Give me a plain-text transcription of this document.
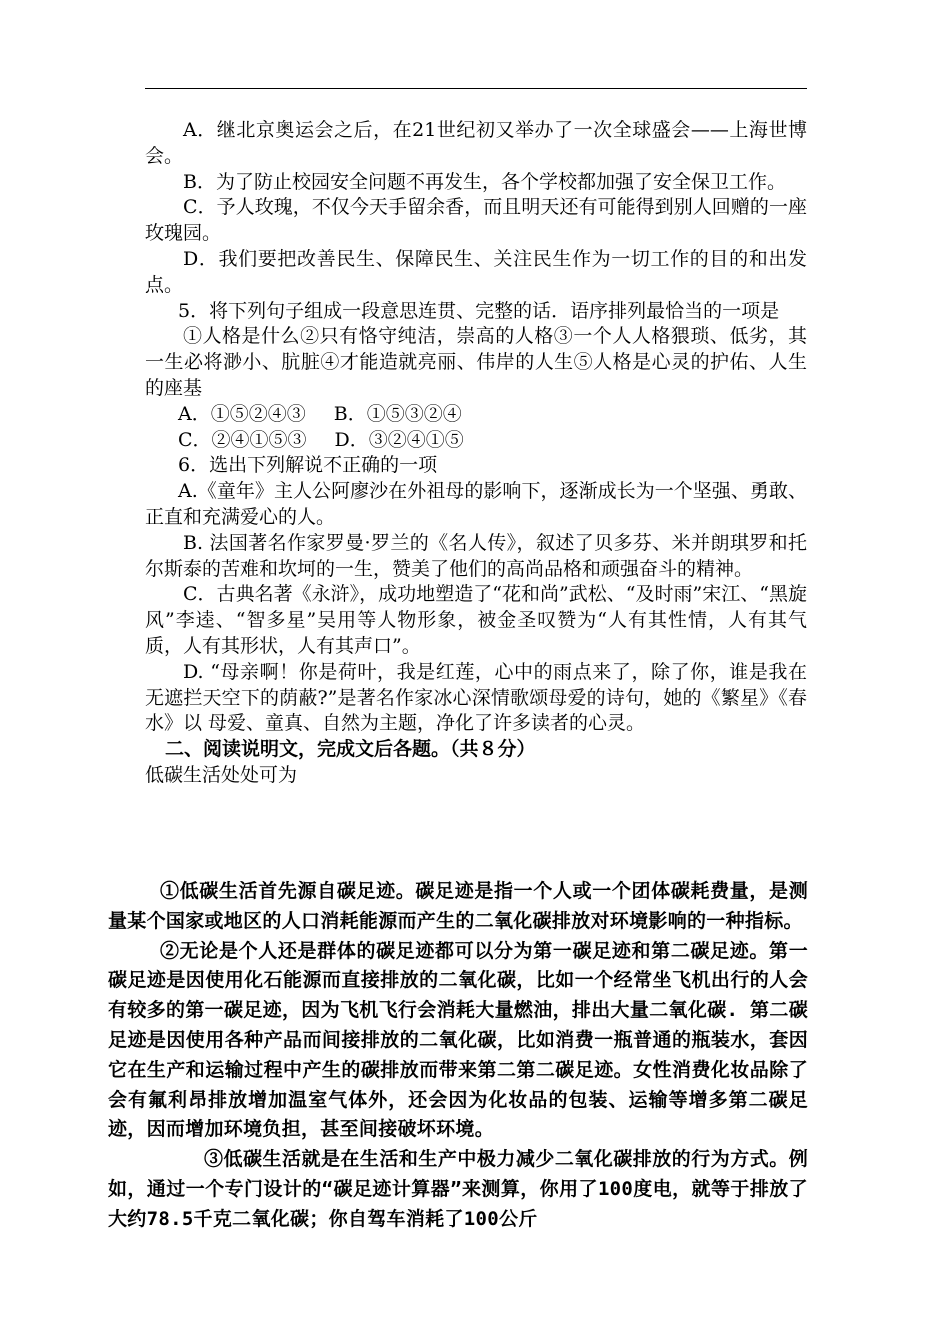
A．继北京奥运会之后，在21世纪初又举办了一次全球盛会——上海世博会。

B．为了防止校园安全问题不再发生，各个学校都加强了安全保卫工作。

C．予人玫瑰，不仅今天手留余香，而且明天还有可能得到别人回赠的一座玫瑰园。

D．我们要把改善民生、保障民生、关注民生作为一切工作的目的和出发点。

5．将下列句子组成一段意思连贯、完整的话．语序排列最恰当的一项是

①人格是什么②只有恪守纯洁，崇高的人格③一个人人格猥琐、低劣，其一生必将渺小、肮脏④才能造就亮丽、伟岸的人生⑤人格是心灵的护佑、人生的座基

A．①⑤②④③ B．①⑤③②④

C．②④①⑤③ D．③②④①⑤

6．选出下列解说不正确的一项

A.《童年》主人公阿廖沙在外祖母的影响下，逐渐成长为一个坚强、勇敢、正直和充满爱心的人。

B. 法国著名作家罗曼·罗兰的《名人传》，叙述了贝多芬、米并朗琪罗和托尔斯泰的苦难和坎坷的一生，赞美了他们的高尚品格和顽强奋斗的精神。

C．古典名著《永浒》，成功地塑造了“花和尚”武松、“及时雨”宋江、“黑旋风”李逵、“智多星”吴用等人物形象，被金圣叹赞为“人有其性情，人有其气质，人有其形状，人有其声口”。

D. “母亲啊！你是荷叶，我是红莲，心中的雨点来了，除了你，谁是我在无遮拦天空下的荫蔽?”是著名作家冰心深情歌颂母爱的诗句，她的《繁星》《春水》以 母爱、童真、自然为主题，净化了许多读者的心灵。

二、阅读说明文，完成文后各题。（共８分）

低碳生活处处可为

①低碳生活首先源自碳足迹。碳足迹是指一个人或一个团体碳耗费量，是测量某个国家或地区的人口消耗能源而产生的二氧化碳排放对环境影响的一种指标。

②无论是个人还是群体的碳足迹都可以分为第一碳足迹和第二碳足迹。第一碳足迹是因使用化石能源而直接排放的二氧化碳，比如一个经常坐飞机出行的人会有较多的第一碳足迹，因为飞机飞行会消耗大量燃油，排出大量二氧化碳. 第二碳足迹是因使用各种产品而间接排放的二氧化碳，比如消费一瓶普通的瓶装水，套因它在生产和运输过程中产生的碳排放而带来第二第二碳足迹。女性消费化妆品除了会有氟利昂排放增加温室气体外，还会因为化妆品的包装、运输等增多第二碳足迹，因而增加环境负担，甚至间接破坏环境。

③低碳生活就是在生活和生产中极力减少二氧化碳排放的行为方式。例如，通过一个专门设计的“碳足迹计算器”来测算，你用了100度电，就等于排放了大约78.5千克二氧化碳；你自驾车消耗了100公斤
